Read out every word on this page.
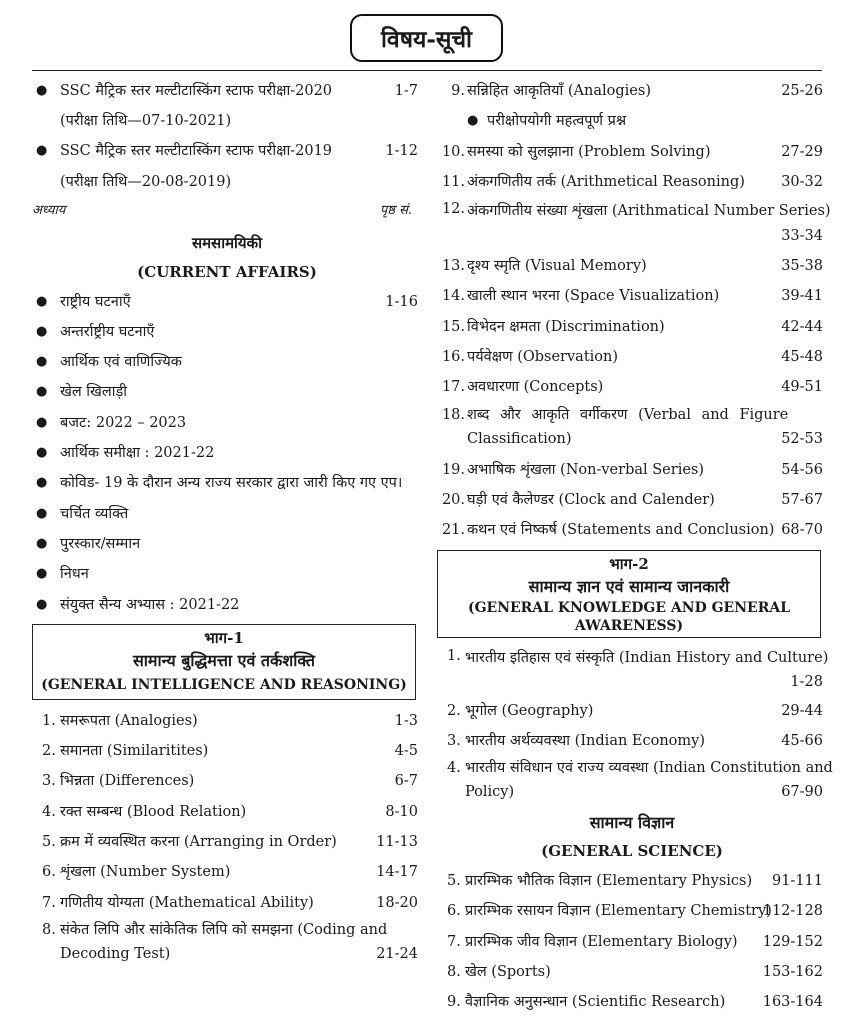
विषय-सूची
● SSC मैट्रिक स्तर मल्टीटास्किंग स्टाफ परीक्षा-2020	1-7
(परीक्षा तिथि—07-10-2021)
● SSC मैट्रिक स्तर मल्टीटास्किंग स्टाफ परीक्षा-2019	1-12
(परीक्षा तिथि—20-08-2019)
अध्याय	पृष्ठ सं.
समसामयिकी
(CURRENT AFFAIRS)
● राष्ट्रीय घटनाएँ	1-16
● अन्तर्राष्ट्रीय घटनाएँ
● आर्थिक एवं वाणिज्यिक
● खेल खिलाड़ी
● बजट: 2022 – 2023
● आर्थिक समीक्षा : 2021-22
● कोविड- 19 के दौरान अन्य राज्य सरकार द्वारा जारी किए गए एप।
● चर्चित व्यक्ति
● पुरस्कार/सम्मान
● निधन
● संयुक्त सैन्य अभ्यास : 2021-22
भाग-1
सामान्य बुद्धिमत्ता एवं तर्कशक्ति
(GENERAL INTELLIGENCE AND REASONING)
1. समरूपता (Analogies)	1-3
2. समानता (Similaritites)	4-5
3. भिन्नता (Differences)	6-7
4. रक्त सम्बन्ध (Blood Relation)	8-10
5. क्रम में व्यवस्थित करना (Arranging in Order)	11-13
6. शृंखला (Number System)	14-17
7. गणितीय योग्यता (Mathematical Ability)	18-20
8. संकेत लिपि और सांकेतिक लिपि को समझना (Coding and
Decoding Test)	21-24
9. सन्निहित आकृतियाँ (Analogies)	25-26
● परीक्षोपयोगी महत्वपूर्ण प्रश्न
10. समस्या को सुलझाना (Problem Solving)	27-29
11. अंकगणितीय तर्क (Arithmetical Reasoning)	30-32
12. अंकगणितीय संख्या शृंखला (Arithmatical Number Series)
33-34
13. दृश्य स्मृति (Visual Memory)	35-38
14. खाली स्थान भरना (Space Visualization)	39-41
15. विभेदन क्षमता (Discrimination)	42-44
16. पर्यवेक्षण (Observation)	45-48
17. अवधारणा (Concepts)	49-51
18. शब्द और आकृति वर्गीकरण (Verbal and Figure
Classification)	52-53
19. अभाषिक शृंखला (Non-verbal Series)	54-56
20. घड़ी एवं कैलेण्डर (Clock and Calender)	57-67
21. कथन एवं निष्कर्ष (Statements and Conclusion) 68-70
भाग-2
सामान्य ज्ञान एवं सामान्य जानकारी
(GENERAL KNOWLEDGE AND GENERAL AWARENESS)
1. भारतीय इतिहास एवं संस्कृति (Indian History and Culture)
1-28
2. भूगोल (Geography)	29-44
3. भारतीय अर्थव्यवस्था (Indian Economy)	45-66
4. भारतीय संविधान एवं राज्य व्यवस्था (Indian Constitution and
Policy)	67-90
सामान्य विज्ञान
(GENERAL SCIENCE)
5. प्रारम्भिक भौतिक विज्ञान (Elementary Physics) 91-111
6. प्रारम्भिक रसायन विज्ञान (Elementary Chemistry)
112-128
7. प्रारम्भिक जीव विज्ञान (Elementary Biology) 129-152
8. खेल (Sports)	153-162
9. वैज्ञानिक अनुसन्धान (Scientific Research)	163-164
